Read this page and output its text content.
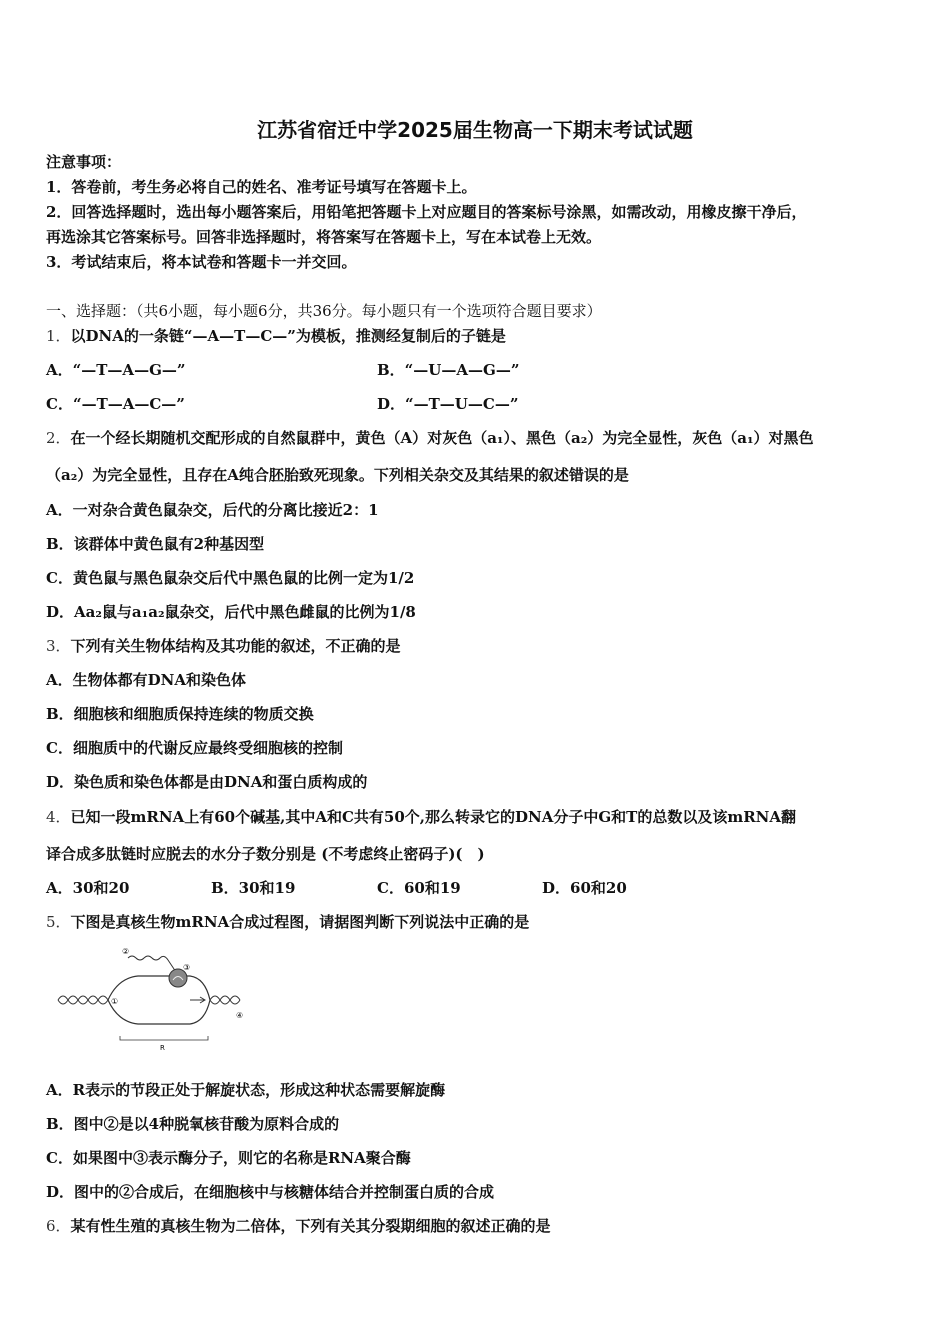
江苏省宿迁中学2025届生物高一下期末考试试题
注意事项：
1．答卷前，考生务必将自己的姓名、准考证号填写在答题卡上。
2．回答选择题时，选出每小题答案后，用铅笔把答题卡上对应题目的答案标号涂黑，如需改动，用橡皮擦干净后，
再选涂其它答案标号。回答非选择题时，将答案写在答题卡上，写在本试卷上无效。
3．考试结束后，将本试卷和答题卡一并交回。
一、选择题：（共6小题，每小题6分，共36分。每小题只有一个选项符合题目要求）
1．以DNA的一条链“—A—T—C—”为模板，推测经复制后的子链是
A．“—T—A—G—”	B．“—U—A—G—”
C．“—T—A—C—”	D．“—T—U—C—”
2．在一个经长期随机交配形成的自然鼠群中，黄色（A）对灰色（a₁）、黑色（a₂）为完全显性，灰色（a₁）对黑色
（a₂）为完全显性，且存在A纯合胚胎致死现象。下列相关杂交及其结果的叙述错误的是
A．一对杂合黄色鼠杂交，后代的分离比接近2：1
B．该群体中黄色鼠有2种基因型
C．黄色鼠与黑色鼠杂交后代中黑色鼠的比例一定为1/2
D．Aa₂鼠与a₁a₂鼠杂交，后代中黑色雌鼠的比例为1/8
3．下列有关生物体结构及其功能的叙述，不正确的是
A．生物体都有DNA和染色体
B．细胞核和细胞质保持连续的物质交换
C．细胞质中的代谢反应最终受细胞核的控制
D．染色质和染色体都是由DNA和蛋白质构成的
4．已知一段mRNA上有60个碱基,其中A和C共有50个,那么转录它的DNA分子中G和T的总数以及该mRNA翻
译合成多肽链时应脱去的水分子数分别是 (不考虑终止密码子)(　)
A．30和20	B．30和19	C．60和19	D．60和20
5．下图是真核生物mRNA合成过程图，请据图判断下列说法中正确的是
①
②
③
④
R
A．R表示的节段正处于解旋状态，形成这种状态需要解旋酶
B．图中②是以4种脱氧核苷酸为原料合成的
C．如果图中③表示酶分子，则它的名称是RNA聚合酶
D．图中的②合成后，在细胞核中与核糖体结合并控制蛋白质的合成
6．某有性生殖的真核生物为二倍体，下列有关其分裂期细胞的叙述正确的是
